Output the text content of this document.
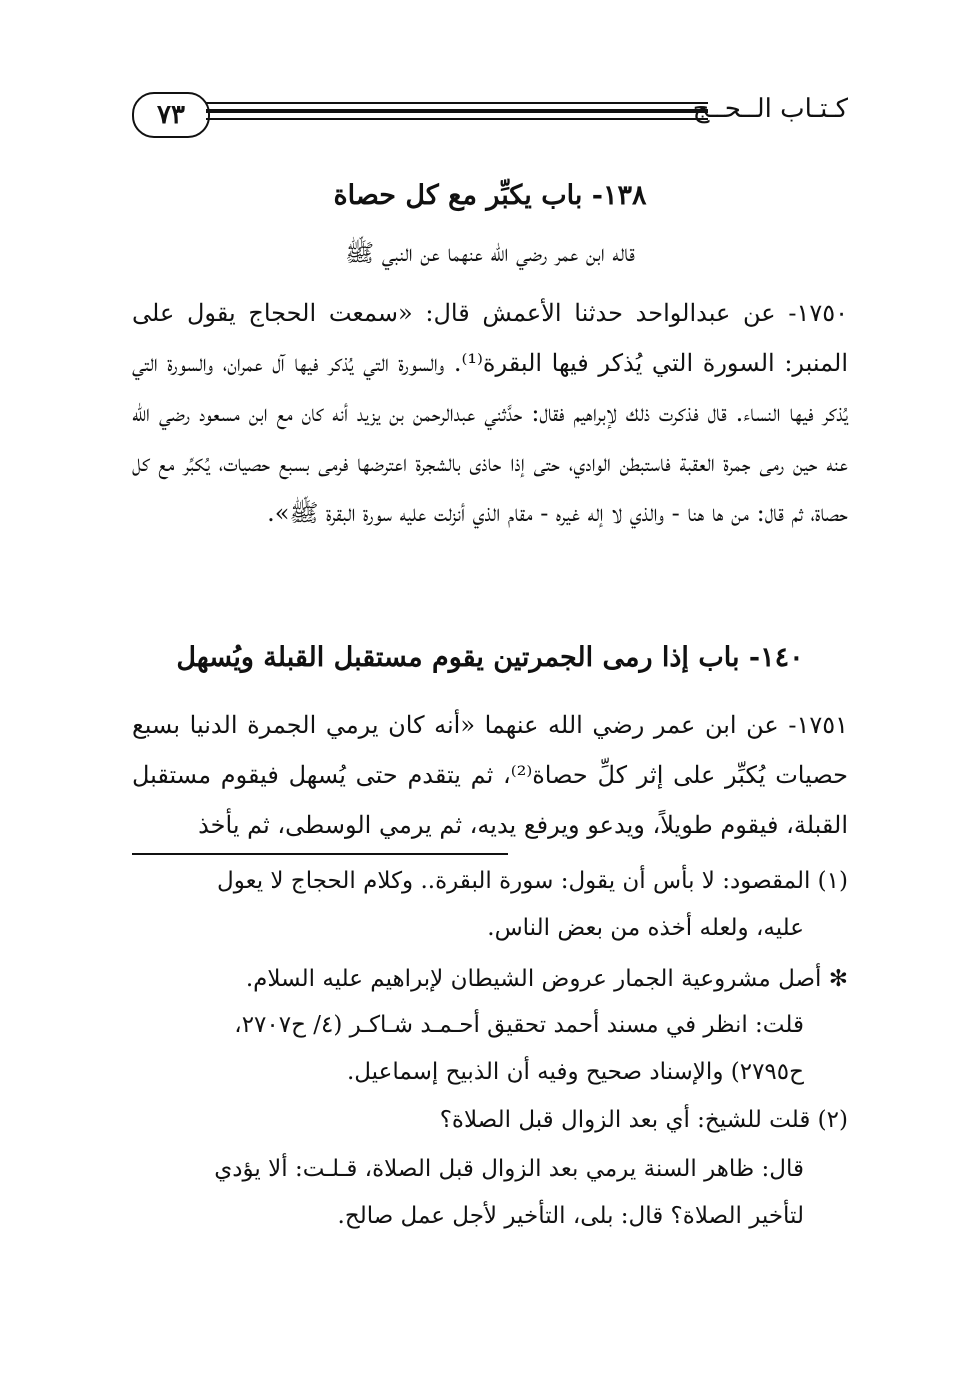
٧٣	كـتـاب الــحــج

١٣٨- باب يكبِّر مع كل حصاة

قاله ابن عمر رضي الله عنهما عن النبي ﷺ

١٧٥٠- عن عبدالواحد حدثنا الأعمش قال: «سمعت الحجاج يقول على المنبر: السورة التي يُذكر فيها البقرة⁽¹⁾. والسورة التي يُذكر فيها آل عمران، والسورة التي يُذكر فيها النساء. قال فذكرت ذلك لإبراهيم فقال: حدَّثني عبدالرحمن بن يزيد أنه كان مع ابن مسعود رضي الله عنه حين رمى جمرة العقبة فاستبطن الوادي، حتى إذا حاذى بالشجرة اعترضها فرمى بسبع حصيات، يُكبِّر مع كل حصاة، ثم قال: من ها هنا - والذي لا إله غيره - مقام الذي أنزلت عليه سورة البقرة ﷺ».

١٤٠- باب إذا رمى الجمرتين يقوم مستقبل القبلة ويُسهل

١٧٥١- عن ابن عمر رضي الله عنهما «أنه كان يرمي الجمرة الدنيا بسبع حصيات يُكبِّر على إثر كلِّ حصاة⁽²⁾، ثم يتقدم حتى يُسهل فيقوم مستقبل القبلة، فيقوم طويلاً، ويدعو ويرفع يديه، ثم يرمي الوسطى، ثم يأخذ

(١) المقصود: لا بأس أن يقول: سورة البقرة.. وكلام الحجاج لا يعول
عليه، ولعله أخذه من بعض الناس.
✻ أصل مشروعية الجمار عروض الشيطان لإبراهيم عليه السلام.
قلت: انظر في مسند أحمد تحقيق أحـمـد شـاكـر (٤/ ح٢٧٠٧،
ح٢٧٩٥) والإسناد صحيح وفيه أن الذبيح إسماعيل.
(٢) قلت للشيخ: أي بعد الزوال قبل الصلاة؟
قال: ظاهر السنة يرمي بعد الزوال قبل الصلاة، قـلـت: ألا يؤدي
لتأخير الصلاة؟ قال: بلى، التأخير لأجل عمل صالح.
